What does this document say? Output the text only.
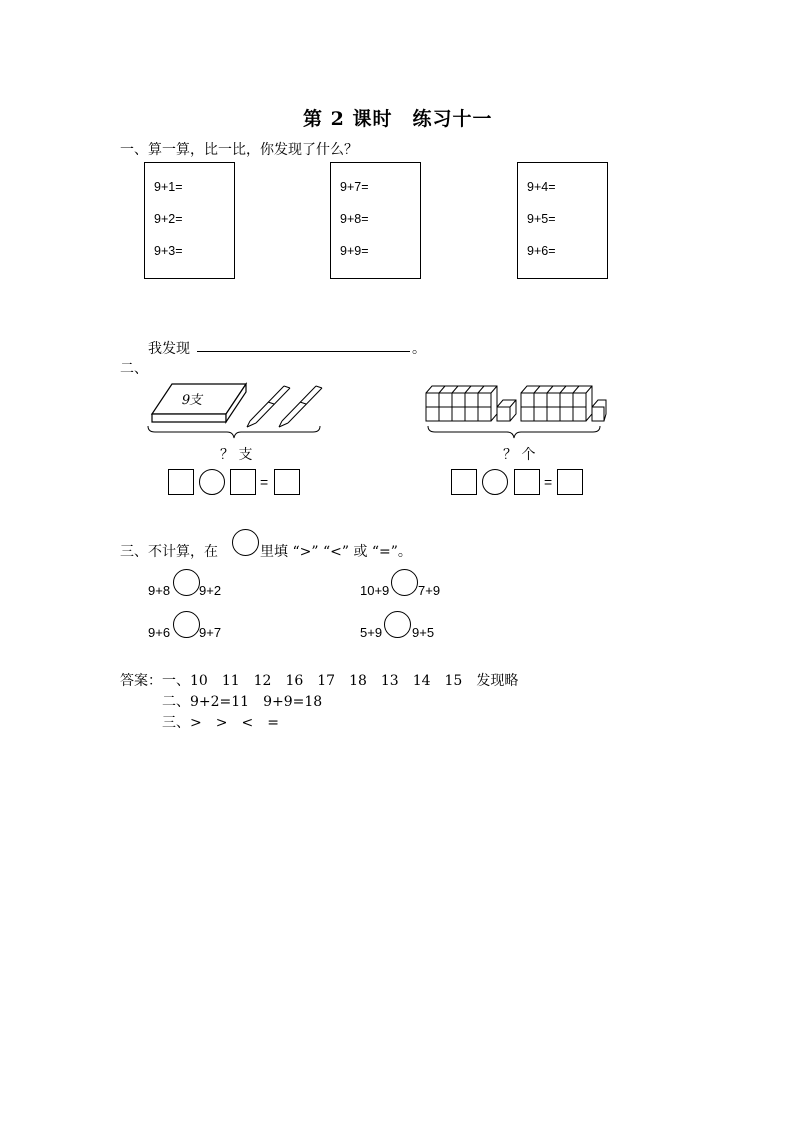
第 2 课时　练习十一
一、算一算，比一比，你发现了什么？
9+1=
9+2=
9+3=
9+7=
9+8=
9+9=
9+4=
9+5=
9+6=
我发现	。
二、
9支
？ 支
=
？ 个
=
三、不计算，在	里填 “>” “<” 或 “=”。
9+8 9+2	10+9 7+9
9+6 9+7	5+9 9+5
答案：一、10　11　12　16　17　18　13　14　15　发现略
二、9+2=11　9+9=18
三、>　>　<　=
